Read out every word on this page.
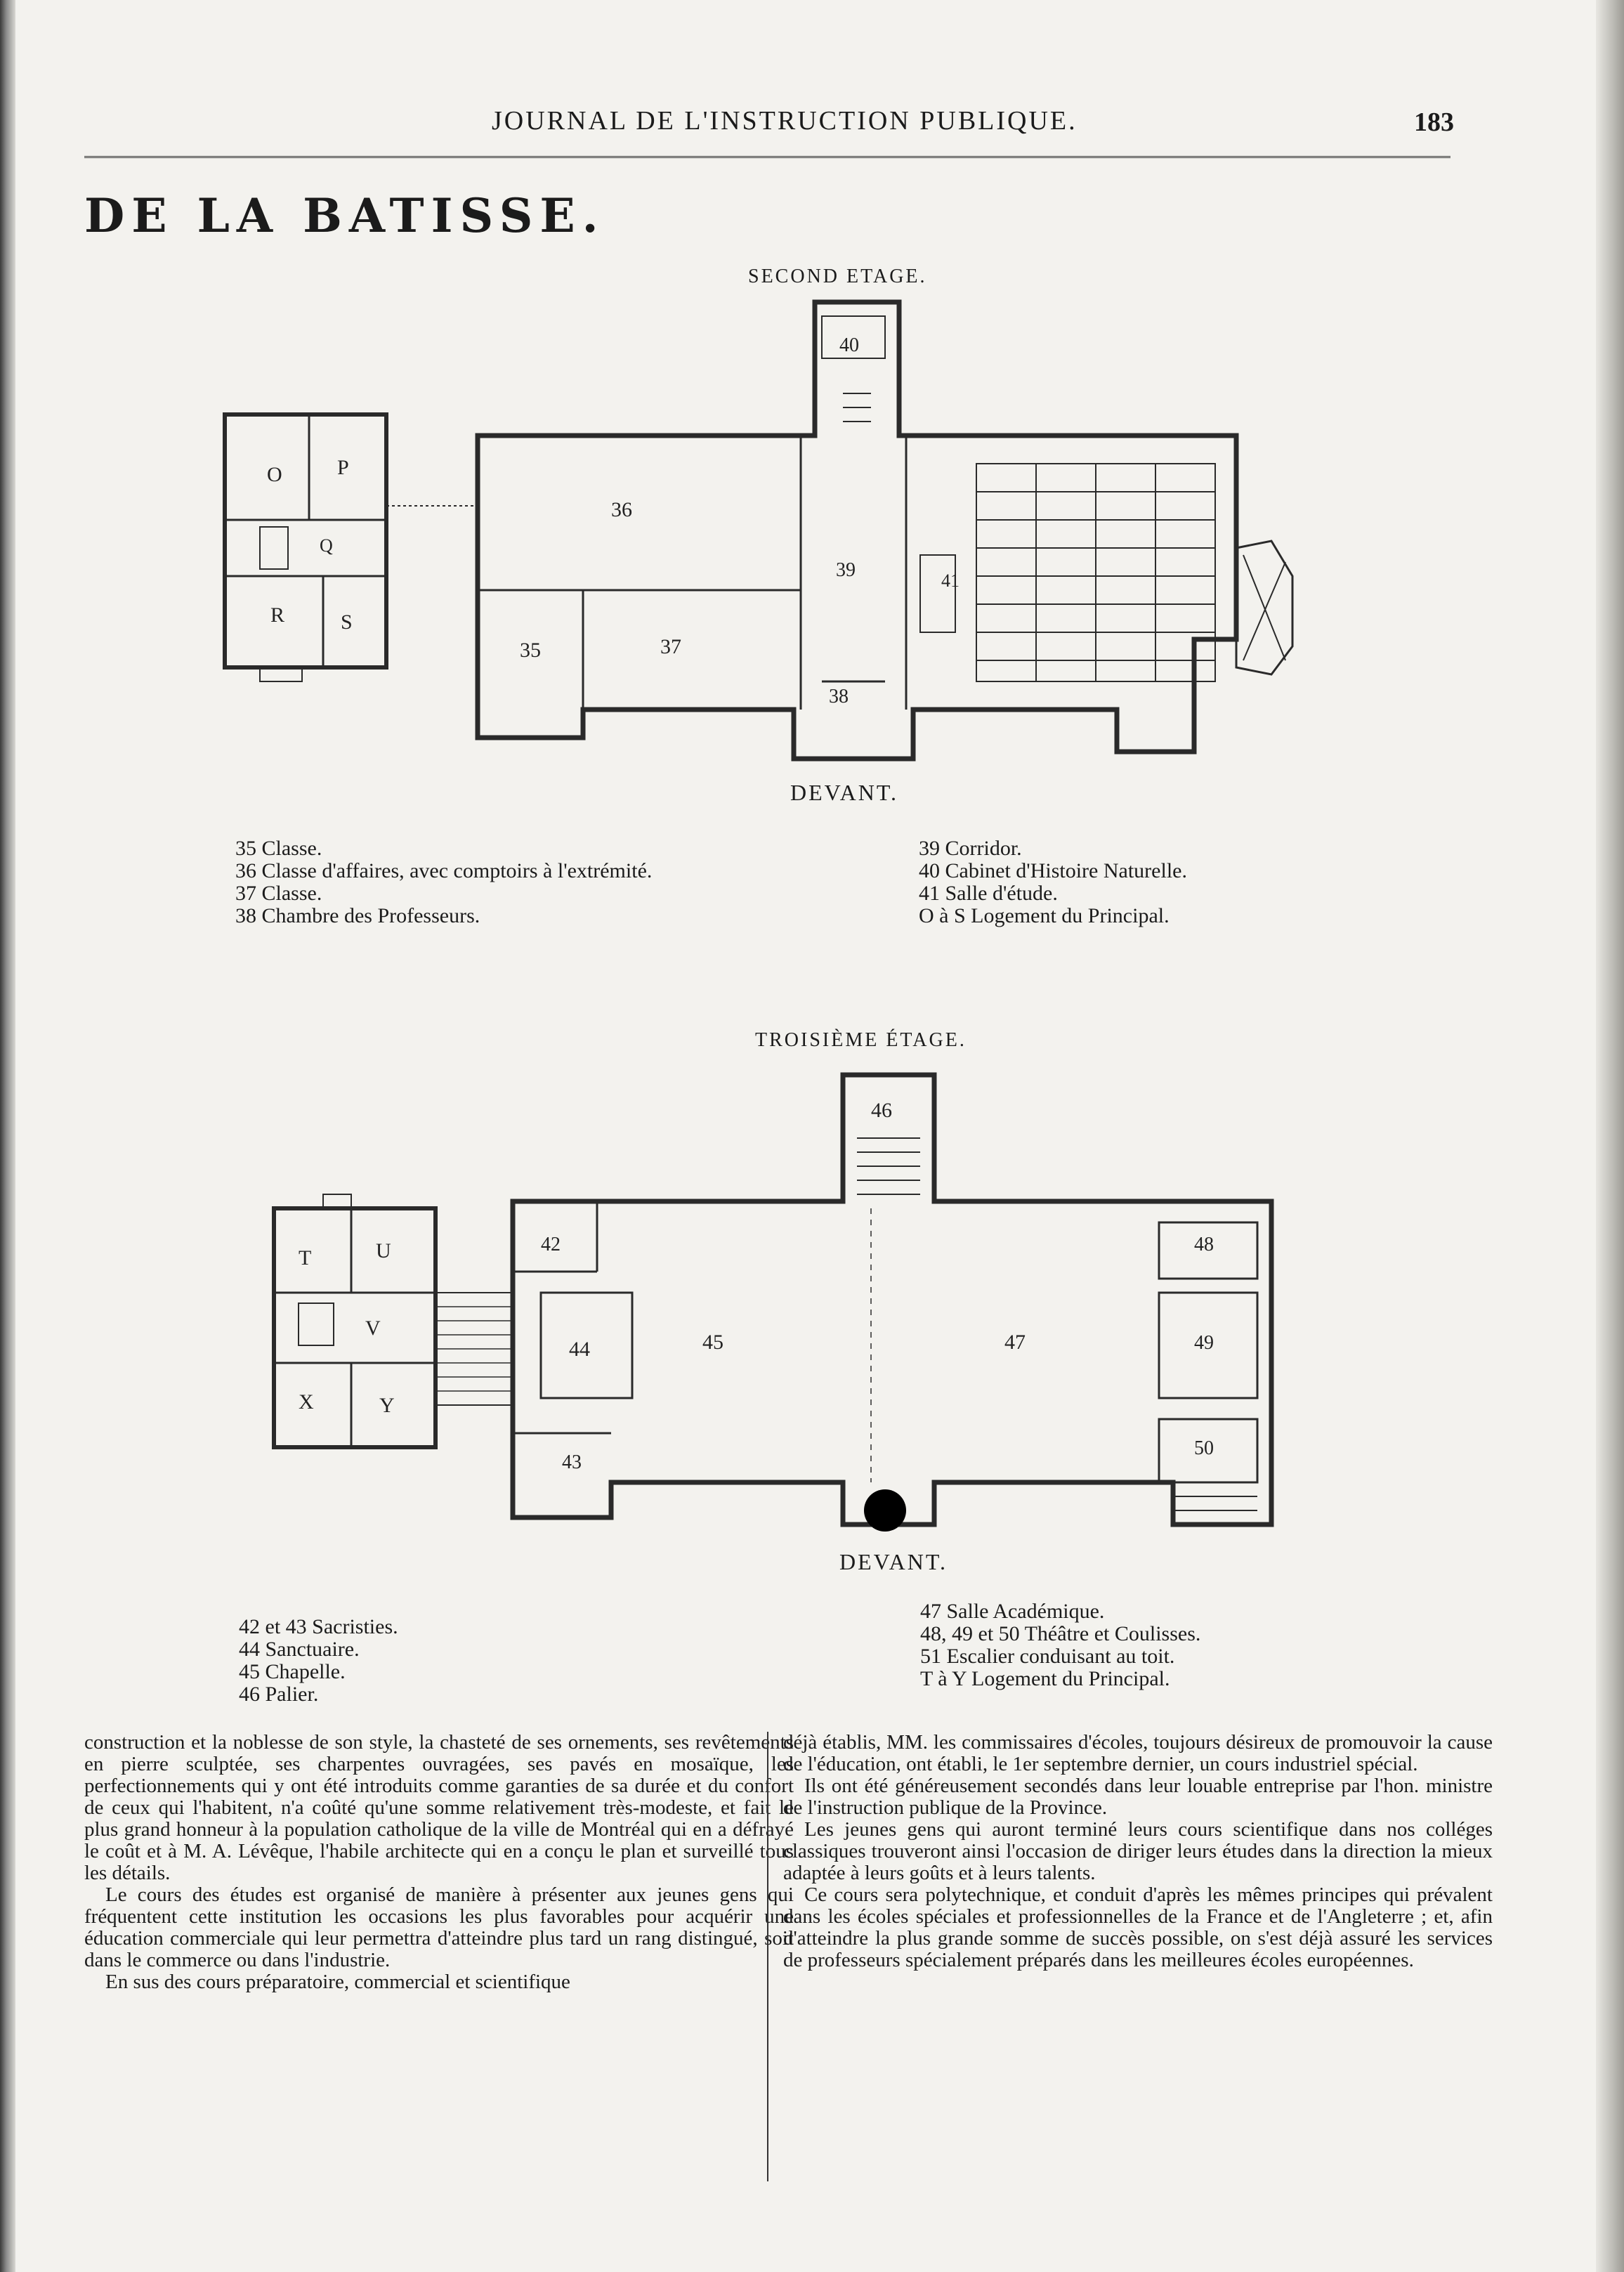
JOURNAL DE L'INSTRUCTION PUBLIQUE.	183
DE LA BATISSE.
SECOND ETAGE.
O	P
Q
R	S
35
36
37
38
39
40
41
DEVANT.
35 Classe.
36 Classe d'affaires, avec comptoirs à l'extrémité.
37 Classe.
38 Chambre des Professeurs.
39 Corridor.
40 Cabinet d'Histoire Naturelle.
41 Salle d'étude.
O à S Logement du Principal.
TROISIÈME ÉTAGE.
T	U
V
X	Y
42
43
44	45
46
47
48
49
50
DEVANT.
42 et 43 Sacristies.
44 Sanctuaire.
45 Chapelle.
46 Palier.
47 Salle Académique.
48, 49 et 50 Théâtre et Coulisses.
51 Escalier conduisant au toit.
T à Y Logement du Principal.

construction et la noblesse de son style, la chasteté de ses ornements, ses revêtements en pierre sculptée, ses charpentes ouvragées, ses pavés en mosaïque, les perfectionnements qui y ont été introduits comme garanties de sa durée et du confort de ceux qui l'habitent, n'a coûté qu'une somme relativement très-modeste, et fait le plus grand honneur à la population catholique de la ville de Montréal qui en a défrayé le coût et à M. A. Lévêque, l'habile architecte qui en a conçu le plan et surveillé tous les détails.

Le cours des études est organisé de manière à présenter aux jeunes gens qui fréquentent cette institution les occasions les plus favorables pour acquérir une éducation commerciale qui leur permettra d'atteindre plus tard un rang distingué, soit dans le commerce ou dans l'industrie.

En sus des cours préparatoire, commercial et scientifique

déjà établis, MM. les commissaires d'écoles, toujours désireux de promouvoir la cause de l'éducation, ont établi, le 1er septembre dernier, un cours industriel spécial.

Ils ont été généreusement secondés dans leur louable entreprise par l'hon. ministre de l'instruction publique de la Province.

Les jeunes gens qui auront terminé leurs cours scientifique dans nos colléges classiques trouveront ainsi l'occasion de diriger leurs études dans la direction la mieux adaptée à leurs goûts et à leurs talents.

Ce cours sera polytechnique, et conduit d'après les mêmes principes qui prévalent dans les écoles spéciales et professionnelles de la France et de l'Angleterre ; et, afin d'atteindre la plus grande somme de succès possible, on s'est déjà assuré les services de professeurs spécialement préparés dans les meilleures écoles européennes.
